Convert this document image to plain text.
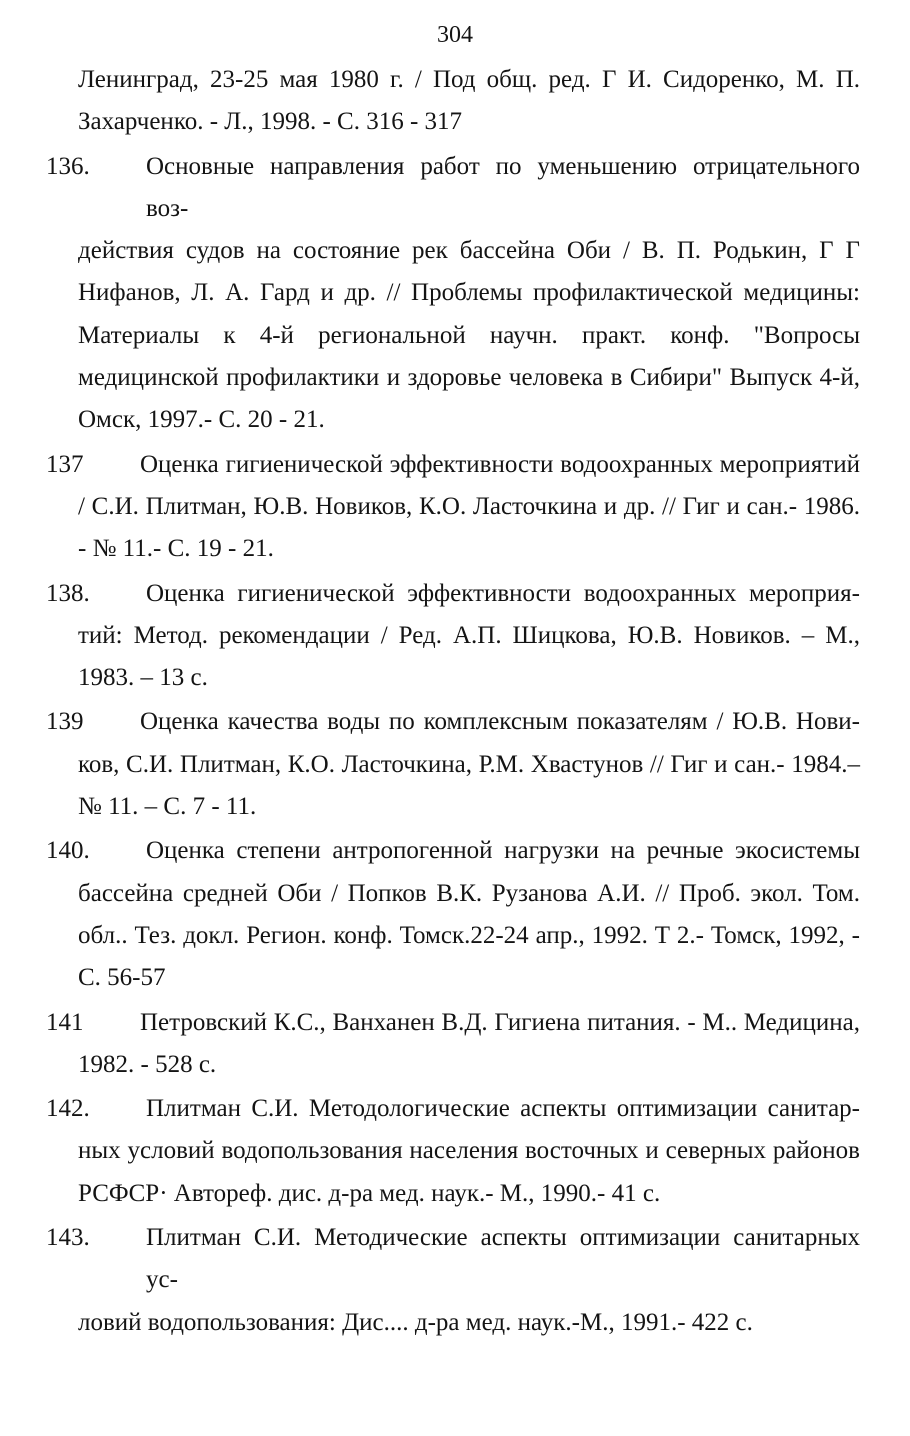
304
Ленинград, 23-25 мая 1980 г. / Под общ. ред. Г И. Сидоренко, М. П. Захарченко. - Л., 1998. - С. 316 - 317
136. Основные направления работ по уменьшению отрицательного воз-
действия судов на состояние рек бассейна Оби / В. П. Родькин, Г Г Нифанов, Л. А. Гард и др. // Проблемы профилактической медицины: Материалы к 4-й региональной научн. практ. конф. "Вопросы медицинской профилактики и здоровье человека в Сибири" Выпуск 4-й, Омск, 1997.- С. 20 - 21.
137 Оценка гигиенической эффективности водоохранных мероприятий
/ С.И. Плитман, Ю.В. Новиков, К.О. Ласточкина и др. // Гиг и сан.- 1986. - № 11.- С. 19 - 21.
138. Оценка гигиенической эффективности водоохранных мероприя-
тий: Метод. рекомендации / Ред. А.П. Шицкова, Ю.В. Новиков. – М., 1983. – 13 с.
139 Оценка качества воды по комплексным показателям / Ю.В. Нови-
ков, С.И. Плитман, К.О. Ласточкина, Р.М. Хвастунов // Гиг и сан.- 1984.– № 11. – С. 7 - 11.
140. Оценка степени антропогенной нагрузки на речные экосистемы
бассейна средней Оби / Попков В.К. Рузанова А.И. // Проб. экол. Том. обл.. Тез. докл. Регион. конф. Томск.22-24 апр., 1992. Т 2.- Томск, 1992, - С. 56-57
141 Петровский К.С., Ванханен В.Д. Гигиена питания. - М.. Медицина,
1982. - 528 с.
142. Плитман С.И. Методологические аспекты оптимизации санитар-
ных условий водопользования населения восточных и северных районов РСФСР· Автореф. дис. д-ра мед. наук.- М., 1990.- 41 с.
143. Плитман С.И. Методические аспекты оптимизации санитарных ус-
ловий водопользования: Дис.... д-ра мед. наук.-М., 1991.- 422 с.
